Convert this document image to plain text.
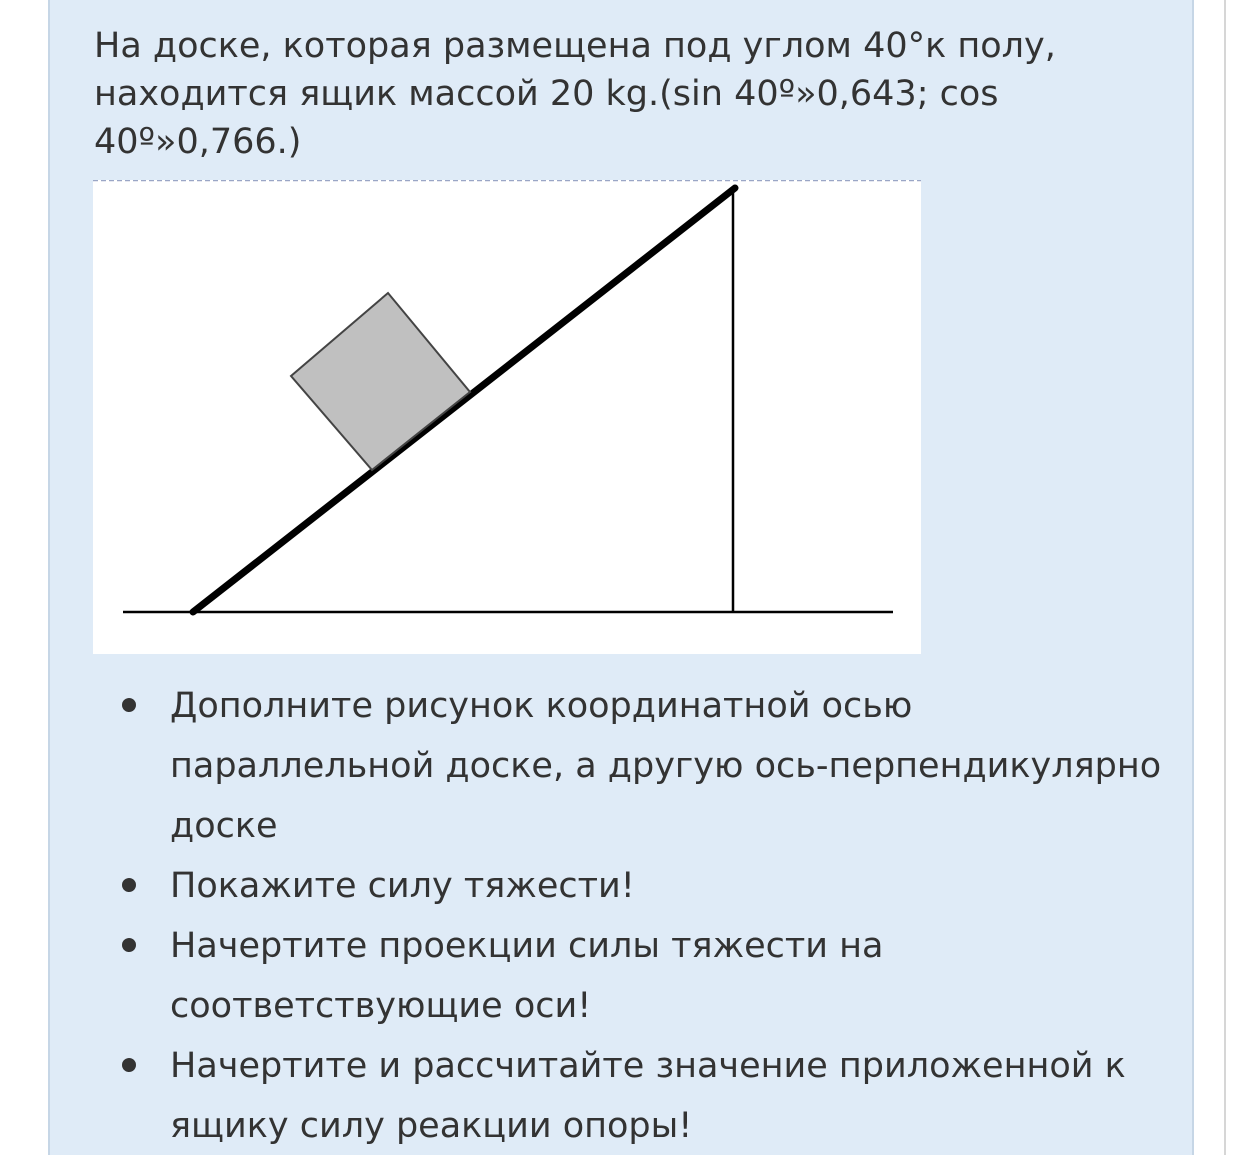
На доске, которая размещена под углом 40°к полу, находится ящик массой 20 kg.(sin 40º»0,643; cos 40º»0,766.)

Дополните рисунок координатной осью параллельной доске, а другую ось-перпендикулярно доске
Покажите силу тяжести!
Начертите проекции силы тяжести на соответствующие оси!
Начертите и рассчитайте значение приложенной к ящику силу реакции опоры!
